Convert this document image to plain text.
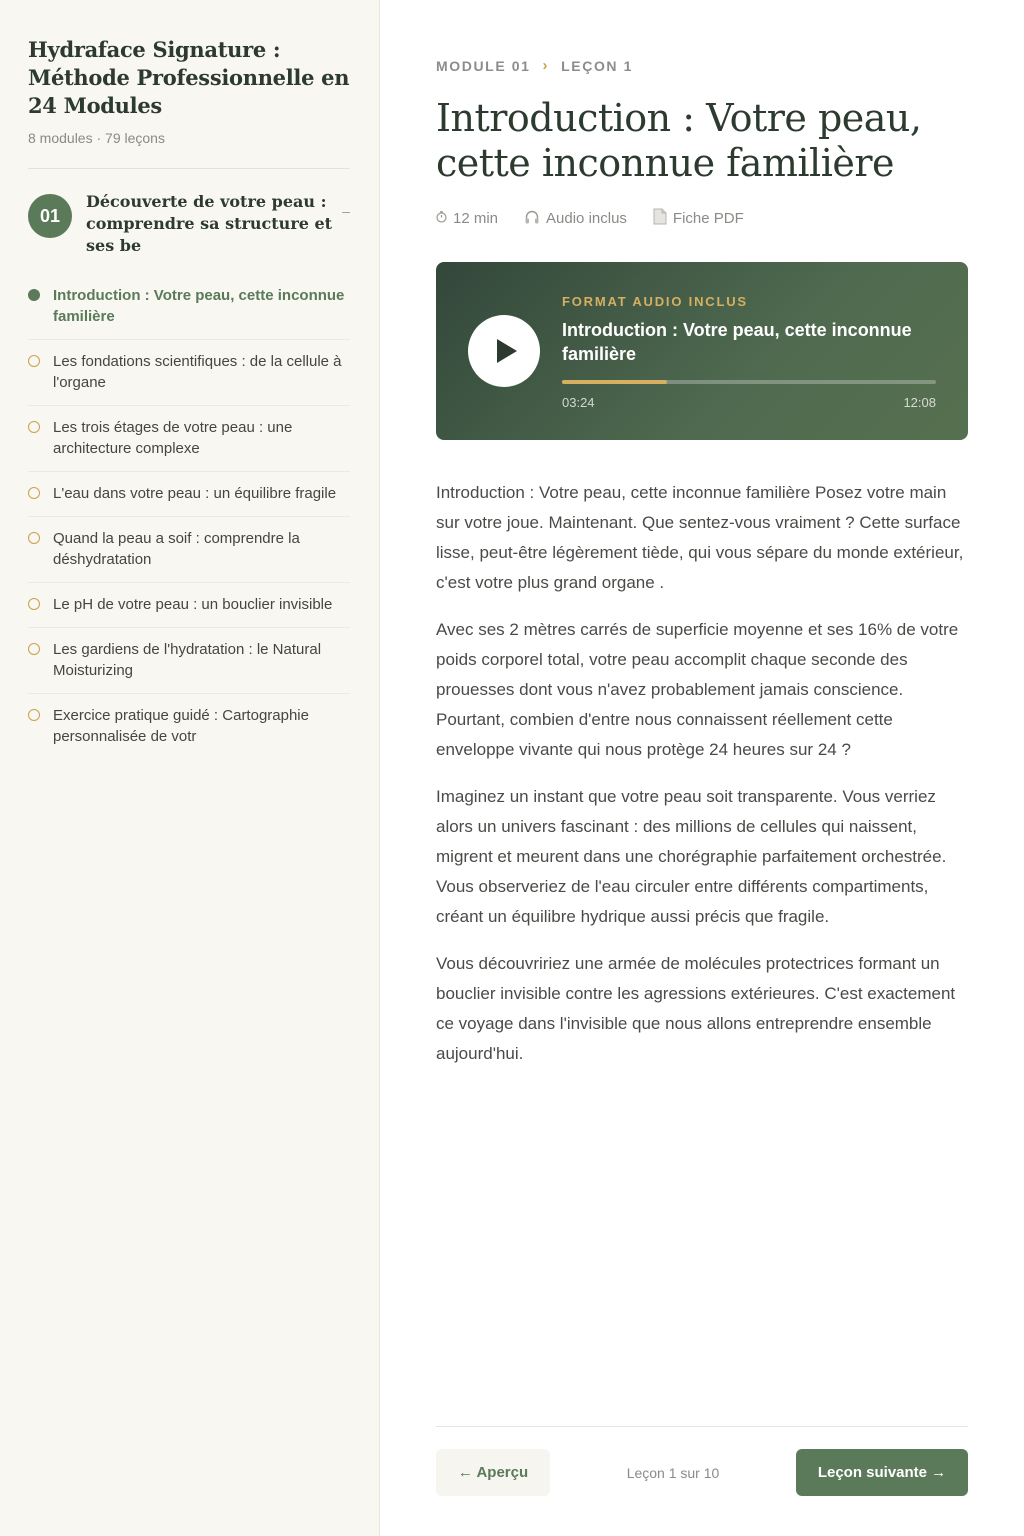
Hydraface Signature : Méthode Professionnelle en 24 Modules
8 modules · 79 leçons
01
Découverte de votre peau : comprendre sa structure et ses be
–
Introduction : Votre peau, cette inconnue familière
Les fondations scientifiques : de la cellule à l'organe
Les trois étages de votre peau : une architecture complexe
L'eau dans votre peau : un équilibre fragile
Quand la peau a soif : comprendre la déshydratation
Le pH de votre peau : un bouclier invisible
Les gardiens de l'hydratation : le Natural Moisturizing
Exercice pratique guidé : Cartographie personnalisée de votr
MODULE 01 › LEÇON 1
Introduction : Votre peau, cette inconnue familière
12 min	Audio inclus	Fiche PDF
FORMAT AUDIO INCLUS
Introduction : Votre peau, cette inconnue familière
03:24	12:08

Introduction : Votre peau, cette inconnue familière Posez votre main sur votre joue. Maintenant. Que sentez-vous vraiment ? Cette surface lisse, peut-être légèrement tiède, qui vous sépare du monde extérieur, c'est votre plus grand organe .

Avec ses 2 mètres carrés de superficie moyenne et ses 16% de votre poids corporel total, votre peau accomplit chaque seconde des prouesses dont vous n'avez probablement jamais conscience. Pourtant, combien d'entre nous connaissent réellement cette enveloppe vivante qui nous protège 24 heures sur 24 ?

Imaginez un instant que votre peau soit transparente. Vous verriez alors un univers fascinant : des millions de cellules qui naissent, migrent et meurent dans une chorégraphie parfaitement orchestrée. Vous observeriez de l'eau circuler entre différents compartiments, créant un équilibre hydrique aussi précis que fragile.

Vous découvririez une armée de molécules protectrices formant un bouclier invisible contre les agressions extérieures. C'est exactement ce voyage dans l'invisible que nous allons entreprendre ensemble aujourd'hui.

← Aperçu	Leçon 1 sur 10	Leçon suivante →
